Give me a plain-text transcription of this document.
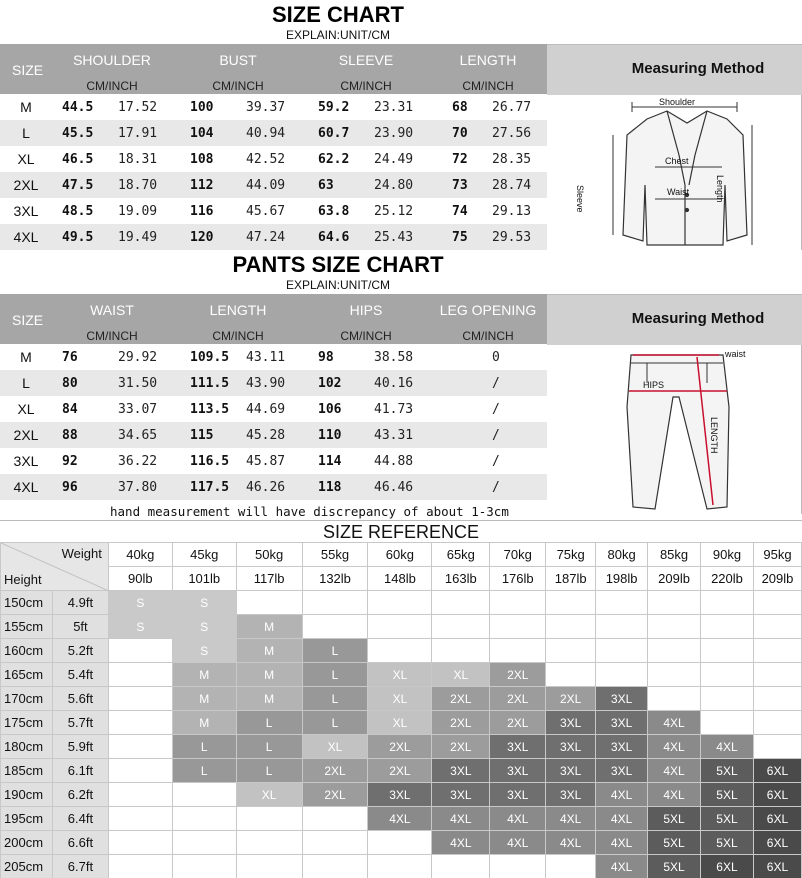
SIZE CHART
EXPLAIN:UNIT/CM
SIZE
SHOULDER	BUST	SLEEVE	LENGTH
CM/INCH	CM/INCH	CM/INCH	CM/INCH
M	44.5 17.52	100	39.37	59.2 23.31	68 26.77
L	45.5 17.91	104	40.94	60.7 23.90	70 27.56
XL	46.5 18.31	108	42.52	62.2 24.49	72 28.35
2XL	47.5 18.70	112	44.09	63	24.80	73 28.74
3XL	48.5 19.09	116	45.67	63.8 25.12	74 29.13
4XL	49.5 19.49	120	47.24	64.6 25.43	75 29.53
Measuring Method
Shoulder
Chest
Waist
Sleeve	Length
PANTS SIZE CHART
EXPLAIN:UNIT/CM
SIZE
WAIST	LENGTH	HIPS	LEG OPENING
CM/INCH	CM/INCH	CM/INCH	CM/INCH
M	76	29.92	109.5 43.11	98	38.58	0
L	80	31.50	111.5 43.90	102	40.16	/
XL	84	33.07	113.5 44.69	106	41.73	/
2XL	88	34.65	115	45.28	110	43.31	/
3XL	92	36.22	116.5 45.87	114	44.88	/
4XL	96	37.80	117.5 46.26	118	46.46	/
Measuring Method
waist
HIPS
LENGTH
hand measurement will have discrepancy of about 1-3cm
SIZE REFERENCE
Weight
Height		40kg	45kg	50kg	55kg	60kg	65kg	70kg	75kg	80kg	85kg	90kg	95kg
		90lb	101lb	117lb	132lb	148lb	163lb	176lb	187lb	198lb	209lb	220lb	209lb
150cm	4.9ft	S	S										
155cm	5ft	S	S	M									
160cm	5.2ft		S	M	L								
165cm	5.4ft		M	M	L	XL	XL	2XL					
170cm	5.6ft		M	M	L	XL	2XL	2XL	2XL	3XL			
175cm	5.7ft		M	L	L	XL	2XL	2XL	3XL	3XL	4XL		
180cm	5.9ft		L	L	XL	2XL	2XL	3XL	3XL	3XL	4XL	4XL	
185cm	6.1ft		L	L	2XL	2XL	3XL	3XL	3XL	3XL	4XL	5XL	6XL
190cm	6.2ft			XL	2XL	3XL	3XL	3XL	3XL	4XL	4XL	5XL	6XL
195cm	6.4ft					4XL	4XL	4XL	4XL	4XL	5XL	5XL	6XL
200cm	6.6ft						4XL	4XL	4XL	4XL	5XL	5XL	6XL
205cm	6.7ft									4XL	5XL	6XL	6XL
